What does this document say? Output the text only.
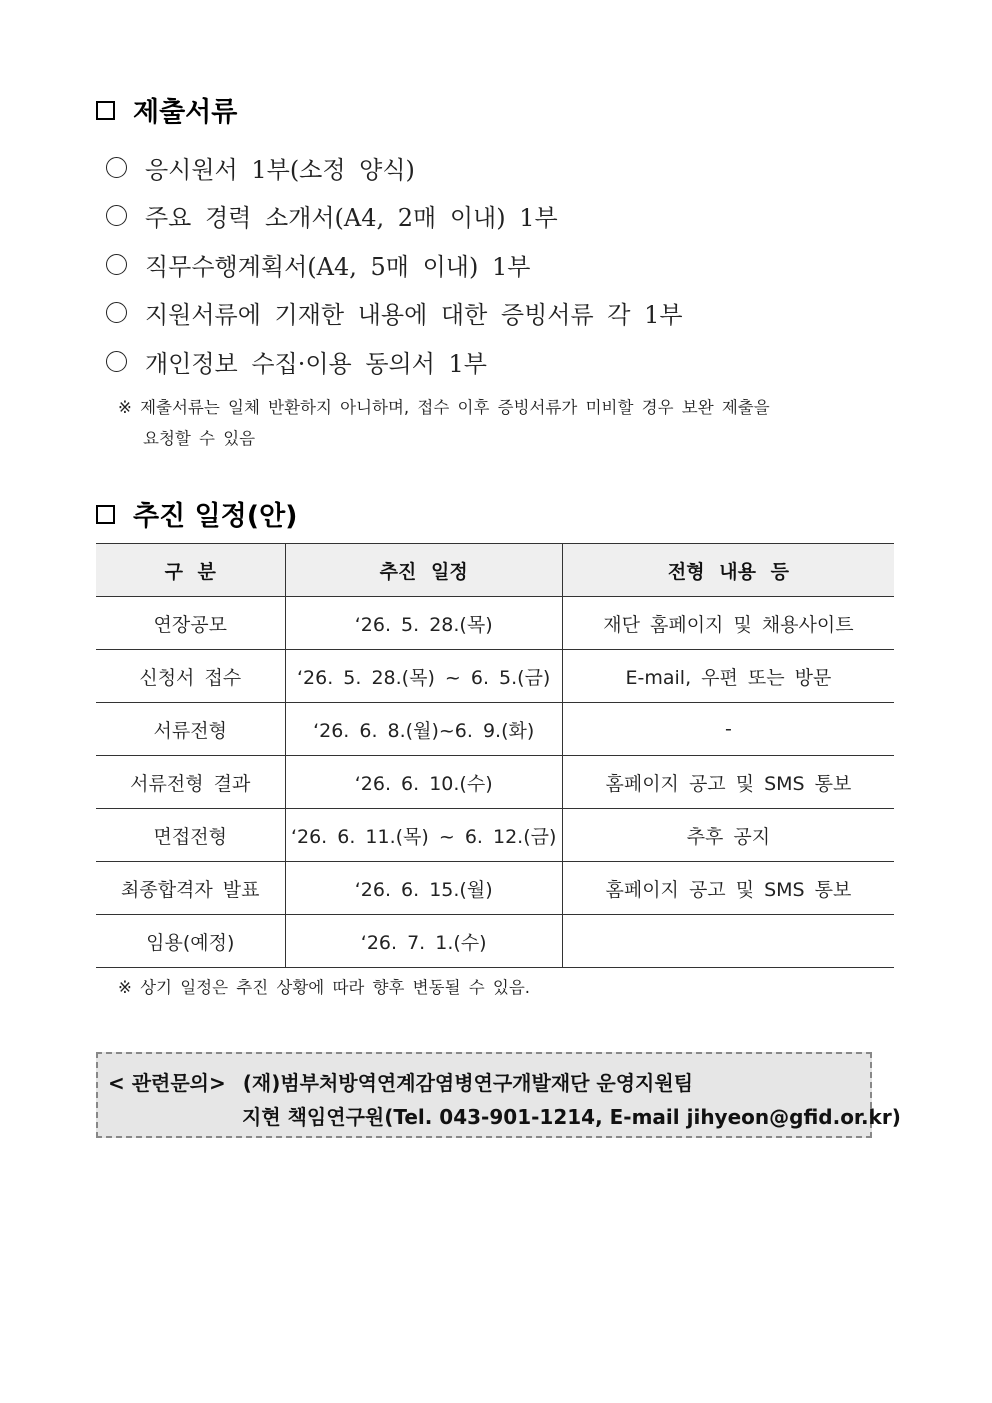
제출서류
응시원서 1부(소정 양식)
주요 경력 소개서(A4, 2매 이내) 1부
직무수행계획서(A4, 5매 이내) 1부
지원서류에 기재한 내용에 대한 증빙서류 각 1부
개인정보 수집·이용 동의서 1부
※ 제출서류는 일체 반환하지 아니하며, 접수 이후 증빙서류가 미비할 경우 보완 제출을
요청할 수 있음
추진 일정(안)
구 분	추진 일정	전형 내용 등
연장공모	‘26. 5. 28.(목)	재단 홈페이지 및 채용사이트
신청서 접수	‘26. 5. 28.(목) ~ 6. 5.(금)	E-mail, 우편 또는 방문
서류전형	‘26. 6. 8.(월)~6. 9.(화)	-
서류전형 결과	‘26. 6. 10.(수)	홈페이지 공고 및 SMS 통보
면접전형	‘26. 6. 11.(목) ~ 6. 12.(금)	추후 공지
최종합격자 발표	‘26. 6. 15.(월)	홈페이지 공고 및 SMS 통보
임용(예정)	‘26. 7. 1.(수)	
※ 상기 일정은 추진 상황에 따라 향후 변동될 수 있음.
< 관련문의> (재)범부처방역연계감염병연구개발재단 운영지원팀
지현 책임연구원(Tel. 043-901-1214, E-mail jihyeon@gfid.or.kr)
